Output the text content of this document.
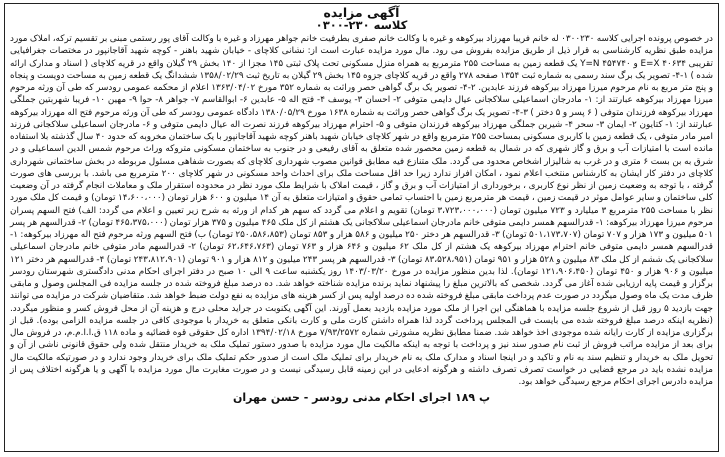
آگهی مزایده
کلاسه ۲۳۰-۰۳۰۰

در خصوص پرونده اجرایی کلاسه ۰۳۰۰۲۳۰ له خانم فریبا مهرزاد بیرکوهه و غیره با وکالت خانم صفری بطرفیت خانم جواهر مهرزاد و غیره با وکالت آقای پور رستمی مبنی بر تقسیم ترکه، املاک مورد مزایده طبق نظریه کارشناسی به قرار ذیل از طریق مزایده بفروش می رود. مال مورد مزایده عبارت است از: نشانی کلاچای - خیابان شهید باهنر - کوچه شهید آقاجانپور در مختصات جغرافیایی تقریبی ۴۰۶۳۴ E=X و ۴۵۴۷۴۰ Y=N یک قطعه زمین به مساحت ۲۵۵ مترمربع به همراه منزل مسکونی تحت پلاک ثبتی ۱۴۵ مجزا از ۱۴۰ بخش ۲۹ گیلان واقع در قریه کلاچای ( اسناد و مدارک ارائه شده ) ۱-۴- تصویر یک برگ سند رسمی به شماره ثبت ۱۳۵۴ صفحه ۲۷۸ واقع در قریه کلاچای جزوه ۱۴۵ بخش ۲۹ گیلان به تاریخ ثبت ۱۳۵۸/۰۲/۲۹ ششدانگ یک قطعه زمین به مساحت دویست و پنجاه و پنج متر مربع به نام مرحوم میرزا مهرزاد بیرکوهه فرزند عابدین. ۲-۴- تصویر یک برگ گواهی حصر وراثت به شماره ۳۵۲ مورخ ۱۳۶۳/۰۴/۰۲ اعلام از محکمه عمومی رودسر که طی آن ورثه مرحوم میرزا مهرزاد بیرکوهه عبارتند از: ۱- مادرجان اسماعیلی سلاکجانی عیال دایمی متوفی ۲- احسان ۳- یوسف ۴- فتح اله ۵- عابدین ۶- ابوالقاسم ۷- جواهر ۸- حوا ۹- مهین ۱۰- فریبا شهربتین جملگی مهرزاد بیرکوهه فرزندان متوفی ( ۶ پسر و ۵ دختر ) ۳-۴- تصویر یک برگ گواهی حصر وراثت به شماره ۱۶۳۸ مورخ ۱۳۸۰/۰۵/۲۹ دادگاه عمومی رودسر که طی آن ورثه مرحوم فتح اله مهرزاد بیرکوهه عبارتند از: ۱- کتایون ۲- ایمان ۳- سحر ۴- شیرین جملگی مهرزاد بیرکوهه فرزندان متوفی و ۵- احترام مهرزاد بیرکوهه فرزند نصرت اله عیال دایمی متوفی و ۶- مادرجان اسماعیلی سلاکجانی فرزند امیر مادر متوفی ، یک قطعه زمین با کاربری مسکونی بمساحت ۲۵۵ مترمربع واقع در شهر کلاچای خیابان شهید باهنر کوچه شهید آقاجانپور با یک ساختمان مخروبه که حدود ۴۰ سال گذشته بلا استفاده مانده است با امتیازات آب و برق و گاز شهری که در شمال به قطعه زمین محصور شده متعلق به آقای رفیعی و در جنوب به ساختمان مسکونی متروکه وراث مرحوم شمس الدین اسماعیلی و در شرق به بن بست ۶ متری و در غرب به شالیزار اشخاص محدود می گردد. ملک متنازع فیه مطابق قوانین مصوب شهرداری کلاچای که بصورت شفاهی مسئول مربوطه در بخش ساختمانی شهرداری کلاچای در دفتر کار ایشان به کارشناس منتخب اعلام نمود ، امکان افراز ندارد زیرا حد اقل مساحت ملک برای احداث واحد مسکونی در شهر کلاچای ۲۰۰ مترمربع می باشد. با بررسی های صورت گرفته ، با توجه به وضعیت زمین از نظر نوع کاربری ، برخورداری از امتیازات آب و برق و گاز ، قیمت املاک با شرایط ملک مورد نظر در محدوده استقرار ملک و معاملات انجام گرفته در آن وضعیت کلی ساختمان و سایر عوامل موثر در قیمت زمین ، قیمت هر مترمربع زمین با احتساب تمامی حقوق و امتیازات متعلق به آن ۱۴ میلیون و ۶۰۰ هزار تومان (۱۴،۶۰۰،۰۰۰ تومان) و قیمت کل ملک مورد نظر با مساحت ۲۵۵ مترمربع ۳ میلیارد و ۷۲۳ میلیون تومان (۳،۷۲۳،۰۰۰،۰۰۰ تومان) تقویم و اعلام می گردد که سهم هر کدام از ورثه به شرح زیر تعیین و اعلام می گردد: الف) فتح السهم پسران مرحوم میرزا مهرزاد بیرکوهه: ۱- قدرالسهم همسر دایمی متوفی خانم مادرجان اسماعیلی سلاکجانی یک هشتم از کل ملک ۴۶۵ میلیون و ۳۷۵ هزار تومان (۴۶۵،۳۷۵،۰۰۰ تومان) ۲- قدرالسهم هر پسر ۵۰۱ میلیون و ۱۷۳ هزار و ۷۰۷ تومان (۵۰۱،۱۷۳،۷۰۷ تومان) ۳- قدرالسهم هر دختر ۲۵۰ میلیون و ۵۸۶ هزار و ۸۵۳ تومان (۲۵۰،۵۸۶،۸۵۳ تومان) ب) فتح السهم ورثه مرحوم فتح اله مهرزاد بیرکوهه: ۱- قدرالسهم همسر دایمی متوفی خانم احترام مهرزاد بیرکوهه یک هشتم از کل ملک ۶۲ میلیون و ۶۴۶ هزار و ۷۶۳ تومان (۶۲،۶۴۶،۷۶۳ تومان) ۲- قدرالسهم مادر متوفی خانم مادرجان اسماعیلی سلاکجانی یک ششم از کل ملک ۸۳ میلیون و ۵۲۸ هزار و ۹۵۱ تومان (۸۳،۵۲۸،۹۵۱ تومان) ۳- قدرالسهم هر پسر ۲۴۳ میلیون و ۸۱۲ هزار و ۹۰۱ تومان (۲۴۳،۸۱۲،۹۰۱ تومان) ۴- قدرالسهم هر دختر ۱۲۱ میلیون و ۹۰۶ هزار و ۴۵۰ تومان (۱۲۱،۹۰۶،۴۵۰ تومان). لذا بدین منظور مزایده در مورخ ۱۴۰۳/۰۳/۲۰ روز یکشنبه ساعت ۹ الی ۱۰ صبح در دفتر اجرای احکام مدنی دادگستری شهرستان رودسر برگزار و قیمت پایه ارزیابی شده آغاز می گردد. شخصی که بالاترین مبلغ را پیشنهاد نماید برنده مزایده شناخته خواهد شد. ده درصد مبلغ فروخته شده در جلسه مزایده فی المجلس وصول و مابقی ظرف مدت یک ماه وصول میگردد در صورت عدم پرداخت مابقی مبلغ فروخته شده ده درصد اولیه پس از کسر هزینه های مزایده به نفع دولت ضبط خواهد شد. متقاضیان شرکت در مزایده می توانند جهت بازدید ۵ روز قبل از شروع جلسه مزایده با هماهنگی این اجرا از ملک مورد مزایده بازدید بعمل آورند. این آگهی یکنوبت در جراید محلی درج و هزینه آن از محل فروش کسر و منظور میگردد. (نظریه اینکه درصد مبلغ فروخته شده می بایست فی المجلس پرداخت گردد لذا همراه داشتن کارت ملی و کارت بانکی متعلق به خریدار با موجودی کافی در جلسه مزایده الزامی بوده). قبل از برگزاری مزایده از کارت رایانه شده موجودی اخذ خواهد شد. ضمنا مطابق نظریه مشورتی شماره ۷/۹۳/۲۵۷۲ مورخ ۱۳۹۴/۰۲/۱۸ اداره کل حقوقی قوه قضائیه و ماده ۱۱۸ ق.ا.ا.م.م، در فروش مال برای بعد از مزایده مراتب فروش از ثبت نام صدور سند نیز و پرداخت با توجه به اینکه مالکیت مال مورد مزایده با صدور دستور تملیک ملک به خریدار منتقل شده ولی حقوق قانونی ناشی از آن و تحویل ملک به خریدار و تنظیم سند به نام و تاکید و در اینجا اسناد و مدارک ملک به نام خریدار برای تملیک ملک است از صدور حکم تملیک ملک برای خریدار وجود ندارد و در صورتیکه مالکیت مال مزایده نشده باید در مرجع قضایی در خواست تصرف تصرف داشته و هرگونه ادعایی در این زمینه قابل رسیدگی نیست و در صورت مغایرت مال مورد مزایده با آگهی و یا هرگونه اختلاف پس از مزایده دادرس اجرای احکام مرجع رسیدگی خواهد بود.

پ ۱۸۹ اجرای احکام مدنی رودسر - حسن مهران
